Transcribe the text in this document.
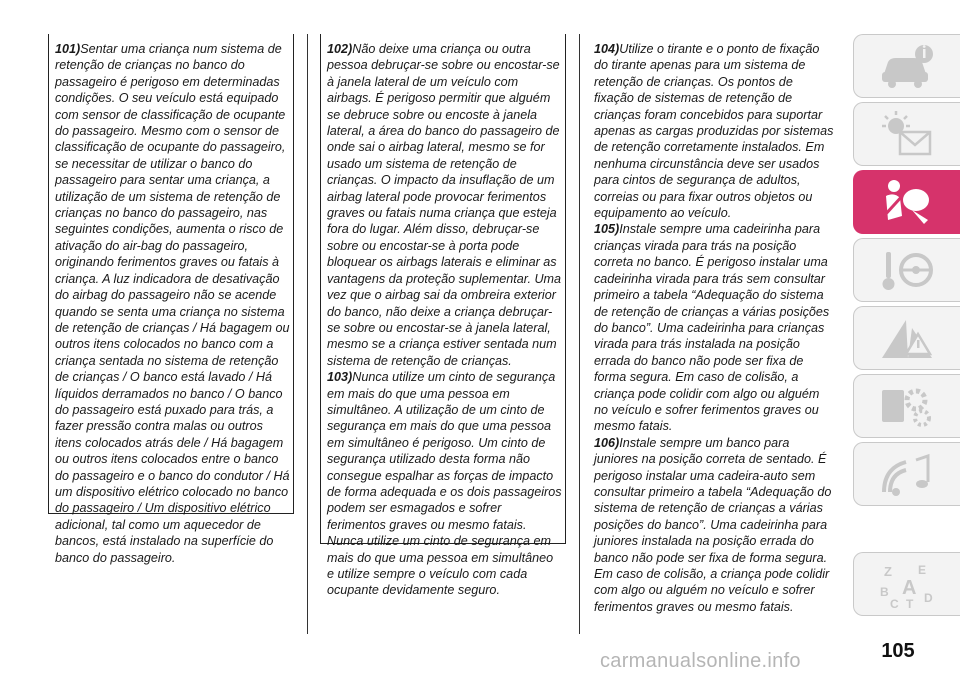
101)Sentar uma criança num sistema de retenção de crianças no banco do passageiro é perigoso em determinadas condições. O seu veículo está equipado com sensor de classificação de ocupante do passageiro. Mesmo com o sensor de classificação de ocupante do passageiro, se necessitar de utilizar o banco do passageiro para sentar uma criança, a utilização de um sistema de retenção de crianças no banco do passageiro, nas seguintes condições, aumenta o risco de ativação do air-bag do passageiro, originando ferimentos graves ou fatais à criança. A luz indicadora de desativação do airbag do passageiro não se acende quando se senta uma criança no sistema de retenção de crianças / Há bagagem ou outros itens colocados no banco com a criança sentada no sistema de retenção de crianças / O banco está lavado / Há líquidos derramados no banco / O banco do passageiro está puxado para trás, a fazer pressão contra malas ou outros itens colocados atrás dele / Há bagagem ou outros itens colocados entre o banco do passageiro e o banco do condutor / Há um dispositivo elétrico colocado no banco do passageiro / Um dispositivo elétrico adicional, tal como um aquecedor de bancos, está instalado na superfície do banco do passageiro.
102)Não deixe uma criança ou outra pessoa debruçar-se sobre ou encostar-se à janela lateral de um veículo com airbags. É perigoso permitir que alguém se debruce sobre ou encoste à janela lateral, a área do banco do passageiro de onde sai o airbag lateral, mesmo se for usado um sistema de retenção de crianças. O impacto da insuflação de um airbag lateral pode provocar ferimentos graves ou fatais numa criança que esteja fora do lugar. Além disso, debruçar-se sobre ou encostar-se à porta pode bloquear os airbags laterais e eliminar as vantagens da proteção suplementar. Uma vez que o airbag sai da ombreira exterior do banco, não deixe a criança debruçar-se sobre ou encostar-se à janela lateral, mesmo se a criança estiver sentada num sistema de retenção de crianças.
103)Nunca utilize um cinto de segurança em mais do que uma pessoa em simultâneo. A utilização de um cinto de segurança em mais do que uma pessoa em simultâneo é perigoso. Um cinto de segurança utilizado desta forma não consegue espalhar as forças de impacto de forma adequada e os dois passageiros podem ser esmagados e sofrer ferimentos graves ou mesmo fatais. Nunca utilize um cinto de segurança em mais do que uma pessoa em simultâneo e utilize sempre o veículo com cada ocupante devidamente seguro.
104)Utilize o tirante e o ponto de fixação do tirante apenas para um sistema de retenção de crianças. Os pontos de fixação de sistemas de retenção de crianças foram concebidos para suportar apenas as cargas produzidas por sistemas de retenção corretamente instalados. Em nenhuma circunstância deve ser usados para cintos de segurança de adultos, correias ou para fixar outros objetos ou equipamento ao veículo.
105)Instale sempre uma cadeirinha para crianças virada para trás na posição correta no banco. É perigoso instalar uma cadeirinha virada para trás sem consultar primeiro a tabela “Adequação do sistema de retenção de crianças a várias posições do banco”. Uma cadeirinha para crianças virada para trás instalada na posição errada do banco não pode ser fixa de forma segura. Em caso de colisão, a criança pode colidir com algo ou alguém no veículo e sofrer ferimentos graves ou mesmo fatais.
106)Instale sempre um banco para juniores na posição correta de sentado. É perigoso instalar uma cadeira-auto sem consultar primeiro a tabela “Adequação do sistema de retenção de crianças a várias posições do banco”. Uma cadeirinha para juniores instalada na posição errada do banco não pode ser fixa de forma segura. Em caso de colisão, a criança pode colidir com algo ou alguém no veículo e sofrer ferimentos graves ou mesmo fatais.
Z E
B A
C T D
105
carmanualsonline.info
